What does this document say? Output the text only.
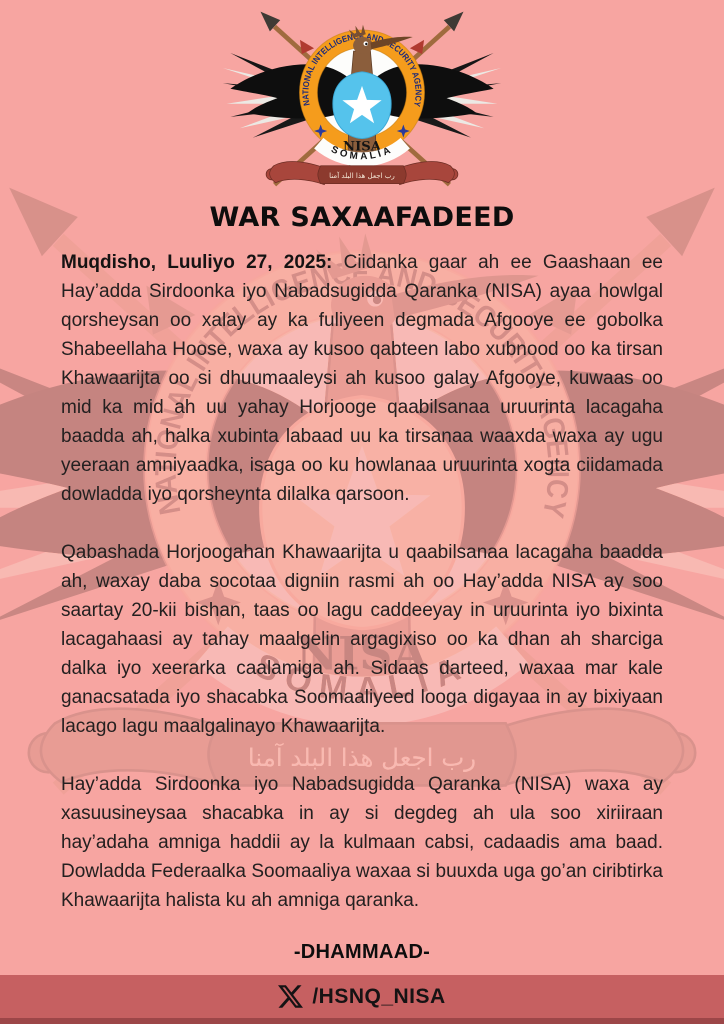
WAR SAXAAFADEED

Muqdisho, Luuliyo 27, 2025: Ciidanka gaar ah ee Gaashaan ee Hay’adda Sirdoonka iyo Nabadsugidda Qaranka (NISA) ayaa howlgal qorsheysan oo xalay ay ka fuliyeen degmada Afgooye ee gobolka Shabeellaha Hoose, waxa ay kusoo qabteen labo xubnood oo ka tirsan Khawaarijta oo si dhuumaaleysi ah kusoo galay Afgooye, kuwaas oo mid ka mid ah uu yahay Horjooge qaabilsanaa uruurinta lacagaha baadda ah, halka xubinta labaad uu ka tirsanaa waaxda waxa ay ugu yeeraan amniyaadka, isaga oo ku howlanaa uruurinta xogta ciidamada dowladda iyo qorsheynta dilalka qarsoon.

Qabashada Horjoogahan Khawaarijta u qaabilsanaa lacagaha baadda ah, waxay daba socotaa digniin rasmi ah oo Hay’adda NISA ay soo saartay 20-kii bishan, taas oo lagu caddeeyay in uruurinta iyo bixinta lacagahaasi ay tahay maalgelin argagixiso oo ka dhan ah sharciga dalka iyo xeerarka caalamiga ah. Sidaas darteed, waxaa mar kale ganacsatada iyo shacabka Soomaaliyeed looga digayaa in ay bixiyaan lacago lagu maalgalinayo Khawaarijta.

Hay’adda Sirdoonka iyo Nabadsugidda Qaranka (NISA) waxa ay xasuusineysaa shacabka in ay si degdeg ah ula soo xiriiraan hay’adaha amniga haddii ay la kulmaan cabsi, cadaadis ama baad. Dowladda Federaalka Soomaaliya waxaa si buuxda uga go’an ciribtirka Khawaarijta halista ku ah amniga qaranka.

-DHAMMAAD-
/HSNQ_NISA
